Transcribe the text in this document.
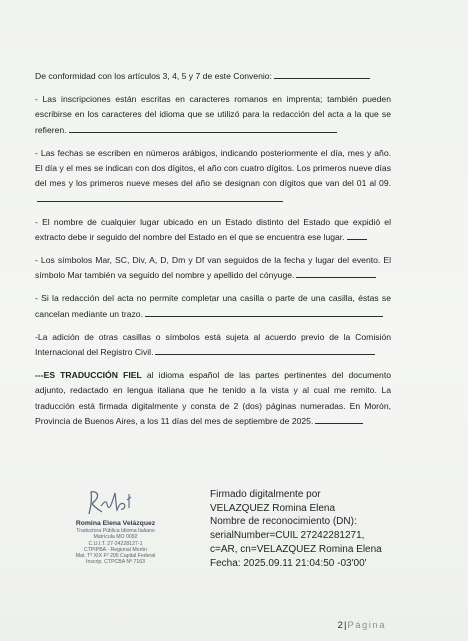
De conformidad con los artículos 3, 4, 5 y 7 de este Convenio:

- Las inscripciones están escritas en caracteres romanos en imprenta; también pueden escribirse en los caracteres del idioma que se utilizó para la redacción del acta a la que se refieren.

- Las fechas se escriben en números arábigos, indicando posteriormente el día, mes y año. El día y el mes se indican con dos dígitos, el año con cuatro dígitos. Los primeros nueve días del mes y los primeros nueve meses del año se designan con dígitos que van del 01 al 09.

- El nombre de cualquier lugar ubicado en un Estado distinto del Estado que expidió el extracto debe ir seguido del nombre del Estado en el que se encuentra ese lugar.

- Los símbolos Mar, SC, Div, A, D, Dm y Df van seguidos de la fecha y lugar del evento. El símbolo Mar también va seguido del nombre y apellido del cónyuge.

- Si la redacción del acta no permite completar una casilla o parte de una casilla, éstas se cancelan mediante un trazo.

-La adición de otras casillas o símbolos está sujeta al acuerdo previo de la Comisión Internacional del Registro Civil.

---ES TRADUCCIÓN FIEL al idioma español de las partes pertinentes del documento adjunto, redactado en lengua italiana que he tenido a la vista y al cual me remito. La traducción está firmada digitalmente y consta de 2 (dos) páginas numeradas. En Morón, Provincia de Buenos Aires, a los 11 días del mes de septiembre de 2025.

Romina Elena Velázquez
Traductora Pública Idioma Italiano
Matrícula MO 0092
C.U.I.T. 27-24228127-1
CTPIPBA - Regional Morón
Mat. Tº XIX Fº 205 Capital Federal
Inscrip. CTPCBA Nº 7163
Firmado digitalmente por
VELAZQUEZ Romina Elena
Nombre de reconocimiento (DN):
serialNumber=CUIL 27242281271,
c=AR, cn=VELAZQUEZ Romina Elena
Fecha: 2025.09.11 21:04:50 -03'00'
2|Página
